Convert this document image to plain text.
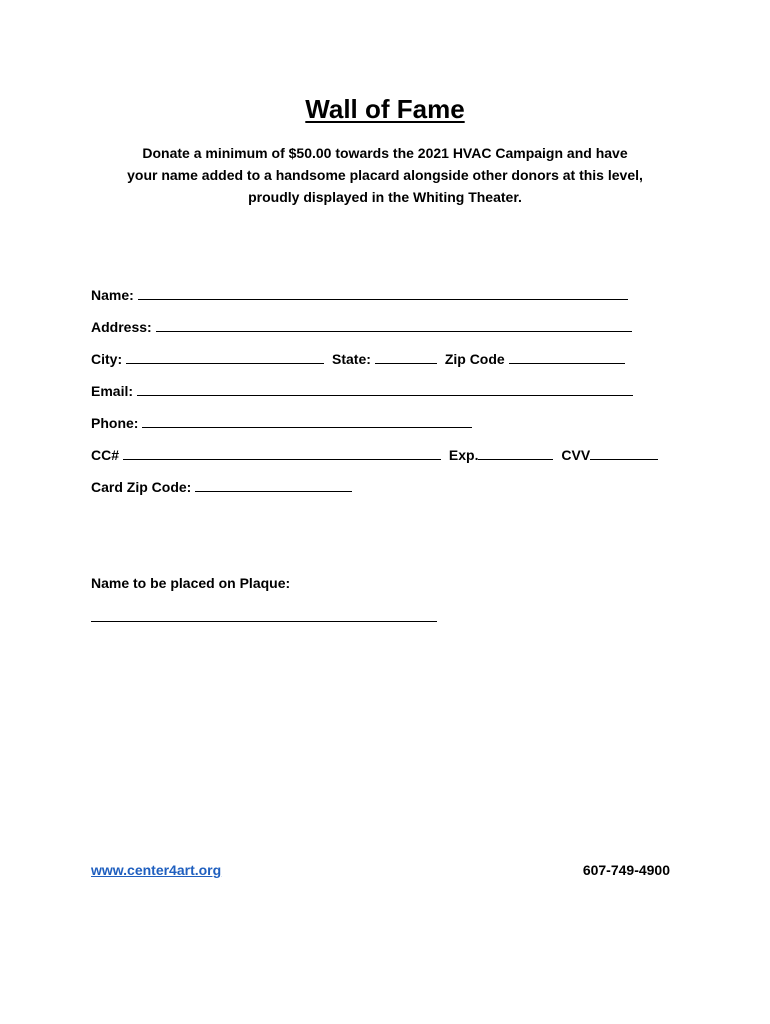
Wall of Fame
Donate a minimum of $50.00 towards the 2021 HVAC Campaign and have
your name added to a handsome placard alongside other donors at this level,
proudly displayed in the Whiting Theater.
Name:
Address:
City:	State:	Zip Code
Email:
Phone:
CC#	Exp.	CVV
Card Zip Code:
Name to be placed on Plaque:
www.center4art.org	607-749-4900
